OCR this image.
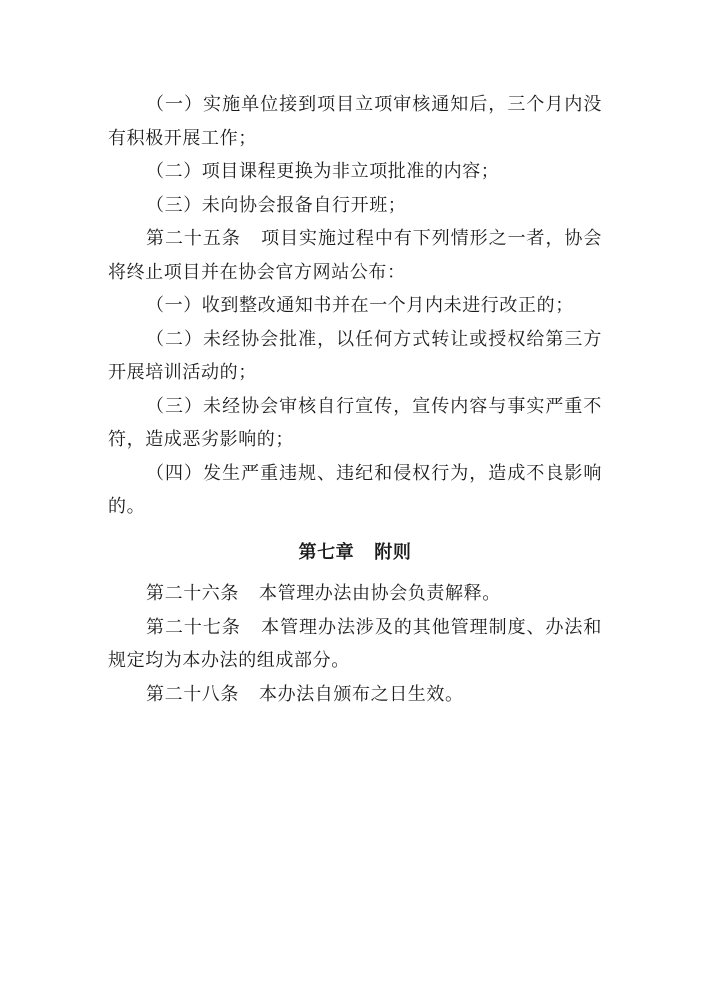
（一）实施单位接到项目立项审核通知后，三个月内没有积极开展工作；

（二）项目课程更换为非立项批准的内容；

（三）未向协会报备自行开班；

第二十五条 项目实施过程中有下列情形之一者，协会将终止项目并在协会官方网站公布：

（一）收到整改通知书并在一个月内未进行改正的；

（二）未经协会批准，以任何方式转让或授权给第三方开展培训活动的；

（三）未经协会审核自行宣传，宣传内容与事实严重不符，造成恶劣影响的；

（四）发生严重违规、违纪和侵权行为，造成不良影响的。

第七章 附则

第二十六条 本管理办法由协会负责解释。

第二十七条 本管理办法涉及的其他管理制度、办法和规定均为本办法的组成部分。

第二十八条 本办法自颁布之日生效。
